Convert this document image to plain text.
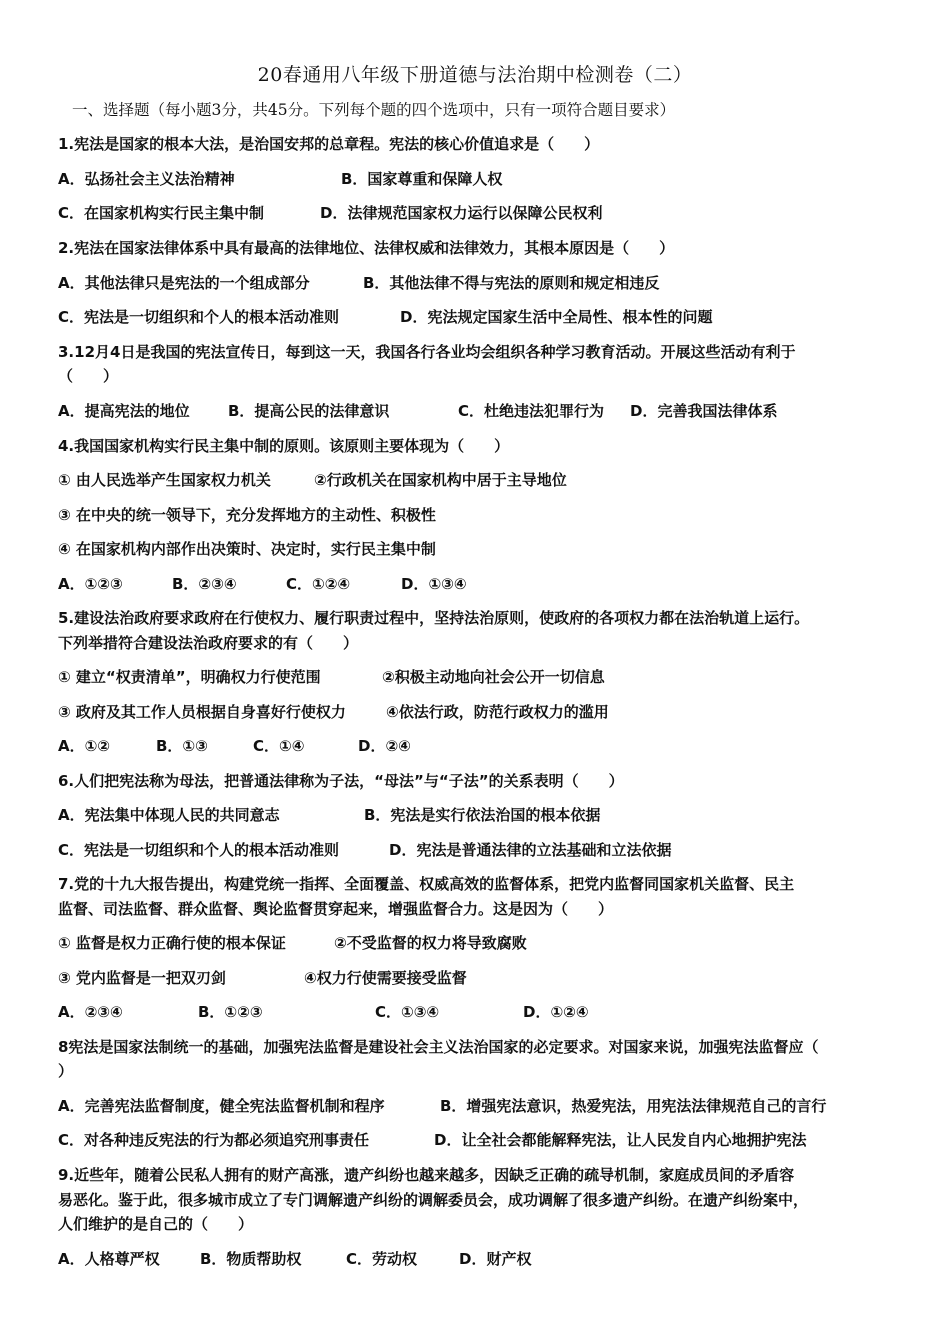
20春通用八年级下册道德与法治期中检测卷（二）
一、选择题（每小题3分，共45分。下列每个题的四个选项中，只有一项符合题目要求）
1.宪法是国家的根本大法，是治国安邦的总章程。宪法的核心价值追求是（　　）
A．弘扬社会主义法治精神	B．国家尊重和保障人权
C．在国家机构实行民主集中制	D．法律规范国家权力运行以保障公民权利
2.宪法在国家法律体系中具有最高的法律地位、法律权威和法律效力，其根本原因是（　　）
A．其他法律只是宪法的一个组成部分	B．其他法律不得与宪法的原则和规定相违反
C．宪法是一切组织和个人的根本活动准则	D．宪法规定国家生活中全局性、根本性的问题
3.12月4日是我国的宪法宣传日，每到这一天，我国各行各业均会组织各种学习教育活动。开展这些活动有利于
（　　）
A．提高宪法的地位	B．提高公民的法律意识	C．杜绝违法犯罪行为 D．完善我国法律体系
4.我国国家机构实行民主集中制的原则。该原则主要体现为（　　）
① 由人民选举产生国家权力机关	②行政机关在国家机构中居于主导地位
③ 在中央的统一领导下，充分发挥地方的主动性、积极性
④ 在国家机构内部作出决策时、决定时，实行民主集中制
A．①②③	B．②③④	C．①②④	D．①③④
5.建设法治政府要求政府在行使权力、履行职责过程中，坚持法治原则，使政府的各项权力都在法治轨道上运行。
下列举措符合建设法治政府要求的有（　　）
① 建立“权责清单”，明确权力行使范围	②积极主动地向社会公开一切信息
③ 政府及其工作人员根据自身喜好行使权力	④依法行政，防范行政权力的滥用
A．①②	B．①③	C．①④	D．②④
6.人们把宪法称为母法，把普通法律称为子法，“母法”与“子法”的关系表明（　　）
A．宪法集中体现人民的共同意志	B．宪法是实行依法治国的根本依据
C．宪法是一切组织和个人的根本活动准则	D．宪法是普通法律的立法基础和立法依据
7.党的十九大报告提出，构建党统一指挥、全面覆盖、权威高效的监督体系，把党内监督同国家机关监督、民主
监督、司法监督、群众监督、舆论监督贯穿起来，增强监督合力。这是因为（　　）
① 监督是权力正确行使的根本保证	②不受监督的权力将导致腐败
③ 党内监督是一把双刃剑	④权力行使需要接受监督
A．②③④	B．①②③	C．①③④	D．①②④
8宪法是国家法制统一的基础，加强宪法监督是建设社会主义法治国家的必定要求。对国家来说，加强宪法监督应（
）
A．完善宪法监督制度，健全宪法监督机制和程序	B．增强宪法意识，热爱宪法，用宪法法律规范自己的言行
C．对各种违反宪法的行为都必须追究刑事责任	D．让全社会都能解释宪法，让人民发自内心地拥护宪法
9.近些年，随着公民私人拥有的财产高涨，遗产纠纷也越来越多，因缺乏正确的疏导机制，家庭成员间的矛盾容
易恶化。鉴于此，很多城市成立了专门调解遗产纠纷的调解委员会，成功调解了很多遗产纠纷。在遗产纠纷案中，
人们维护的是自己的（　　）
A．人格尊严权	B．物质帮助权	C．劳动权	D．财产权
